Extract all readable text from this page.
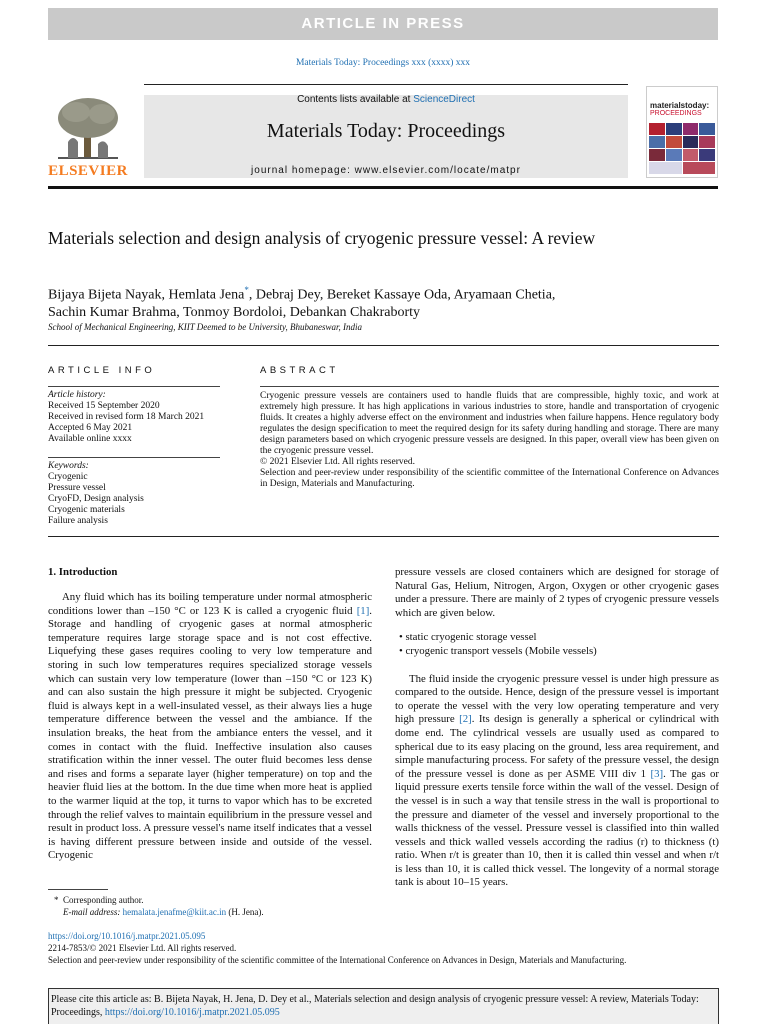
ARTICLE IN PRESS
Materials Today: Proceedings xxx (xxxx) xxx
ELSEVIER
Contents lists available at ScienceDirect
Materials Today: Proceedings
journal homepage: www.elsevier.com/locate/matpr
materialstoday:
PROCEEDINGS
Materials selection and design analysis of cryogenic pressure vessel: A review
Bijaya Bijeta Nayak, Hemlata Jena*, Debraj Dey, Bereket Kassaye Oda, Aryamaan Chetia,
Sachin Kumar Brahma, Tonmoy Bordoloi, Debankan Chakraborty
School of Mechanical Engineering, KIIT Deemed to be University, Bhubaneswar, India
ARTICLE INFO
Article history:
Received 15 September 2020
Received in revised form 18 March 2021
Accepted 6 May 2021
Available online xxxx
Keywords:
Cryogenic
Pressure vessel
CryoFD, Design analysis
Cryogenic materials
Failure analysis
ABSTRACT

Cryogenic pressure vessels are containers used to handle fluids that are compressible, highly toxic, and work at extremely high pressure. It has high applications in various industries to store, handle and transportation of cryogenic fluids. It creates a highly adverse effect on the environment and industries when failure happens. Hence regulatory body regulates the design specification to meet the required design for its safety during handling and storage. There are many design parameters based on which cryogenic pressure vessels are designed. In this paper, overall view has been given on the cryogenic pressure vessel.

© 2021 Elsevier Ltd. All rights reserved.

Selection and peer-review under responsibility of the scientific committee of the International Conference on Advances in Design, Materials and Manufacturing.

1. Introduction

Any fluid which has its boiling temperature under normal atmospheric conditions lower than –150 °C or 123 K is called a cryogenic fluid [1]. Storage and handling of cryogenic gases at normal atmospheric temperature requires large storage space and is not cost effective. Liquefying these gases requires cooling to very low temperature and storing in such low temperatures requires specialized storage vessels which can sustain very low temperature (lower than –150 °C or 123 K) and can also sustain the high pressure it might be subjected. Cryogenic fluid is always kept in a well-insulated vessel, as their always lies a huge temperature difference between the vessel and the ambiance. If the insulation breaks, the heat from the ambiance enters the vessel, and it comes in contact with the fluid. Ineffective insulation also causes stratification within the inner vessel. The outer fluid becomes less dense and rises and forms a separate layer (higher temperature) on top and the heavier fluid lies at the bottom. In the due time when more heat is applied to the warmer liquid at the top, it turns to vapor which has to be excreted through the relief valves to maintain equilibrium in the pressure vessel and result in product loss. A pressure vessel's name itself indicates that a vessel is having different pressure between inside and outside of the vessel. Cryogenic

pressure vessels are closed containers which are designed for storage of Natural Gas, Helium, Nitrogen, Argon, Oxygen or other cryogenic gases under a pressure. There are mainly of 2 types of cryogenic pressure vessels which are given below.

• static cryogenic storage vessel
• cryogenic transport vessels (Mobile vessels)

The fluid inside the cryogenic pressure vessel is under high pressure as compared to the outside. Hence, design of the pressure vessel is important to operate the vessel with the very low operating temperature and very high pressure [2]. Its design is generally a spherical or cylindrical with dome end. The cylindrical vessels are usually used as compared to spherical due to its easy placing on the ground, less area requirement, and simple manufacturing process. For safety of the pressure vessel, the design of the pressure vessel is done as per ASME VIII div 1 [3]. The gas or liquid pressure exerts tensile force within the wall of the vessel. Design of the vessel is in such a way that tensile stress in the wall is proportional to the pressure and diameter of the vessel and inversely proportional to the walls thickness of the vessel. Pressure vessel is classified into thin walled vessels and thick walled vessels according the radius (r) to thickness (t) ratio. When r/t is greater than 10, then it is called thin vessel and when r/t is less than 10, it is called thick vessel. The longevity of a normal storage tank is about 10–15 years.

* Corresponding author.
E-mail address: hemalata.jenafme@kiit.ac.in (H. Jena).
https://doi.org/10.1016/j.matpr.2021.05.095
2214-7853/© 2021 Elsevier Ltd. All rights reserved.
Selection and peer-review under responsibility of the scientific committee of the International Conference on Advances in Design, Materials and Manufacturing.
Please cite this article as: B. Bijeta Nayak, H. Jena, D. Dey et al., Materials selection and design analysis of cryogenic pressure vessel: A review, Materials Today: Proceedings, https://doi.org/10.1016/j.matpr.2021.05.095
